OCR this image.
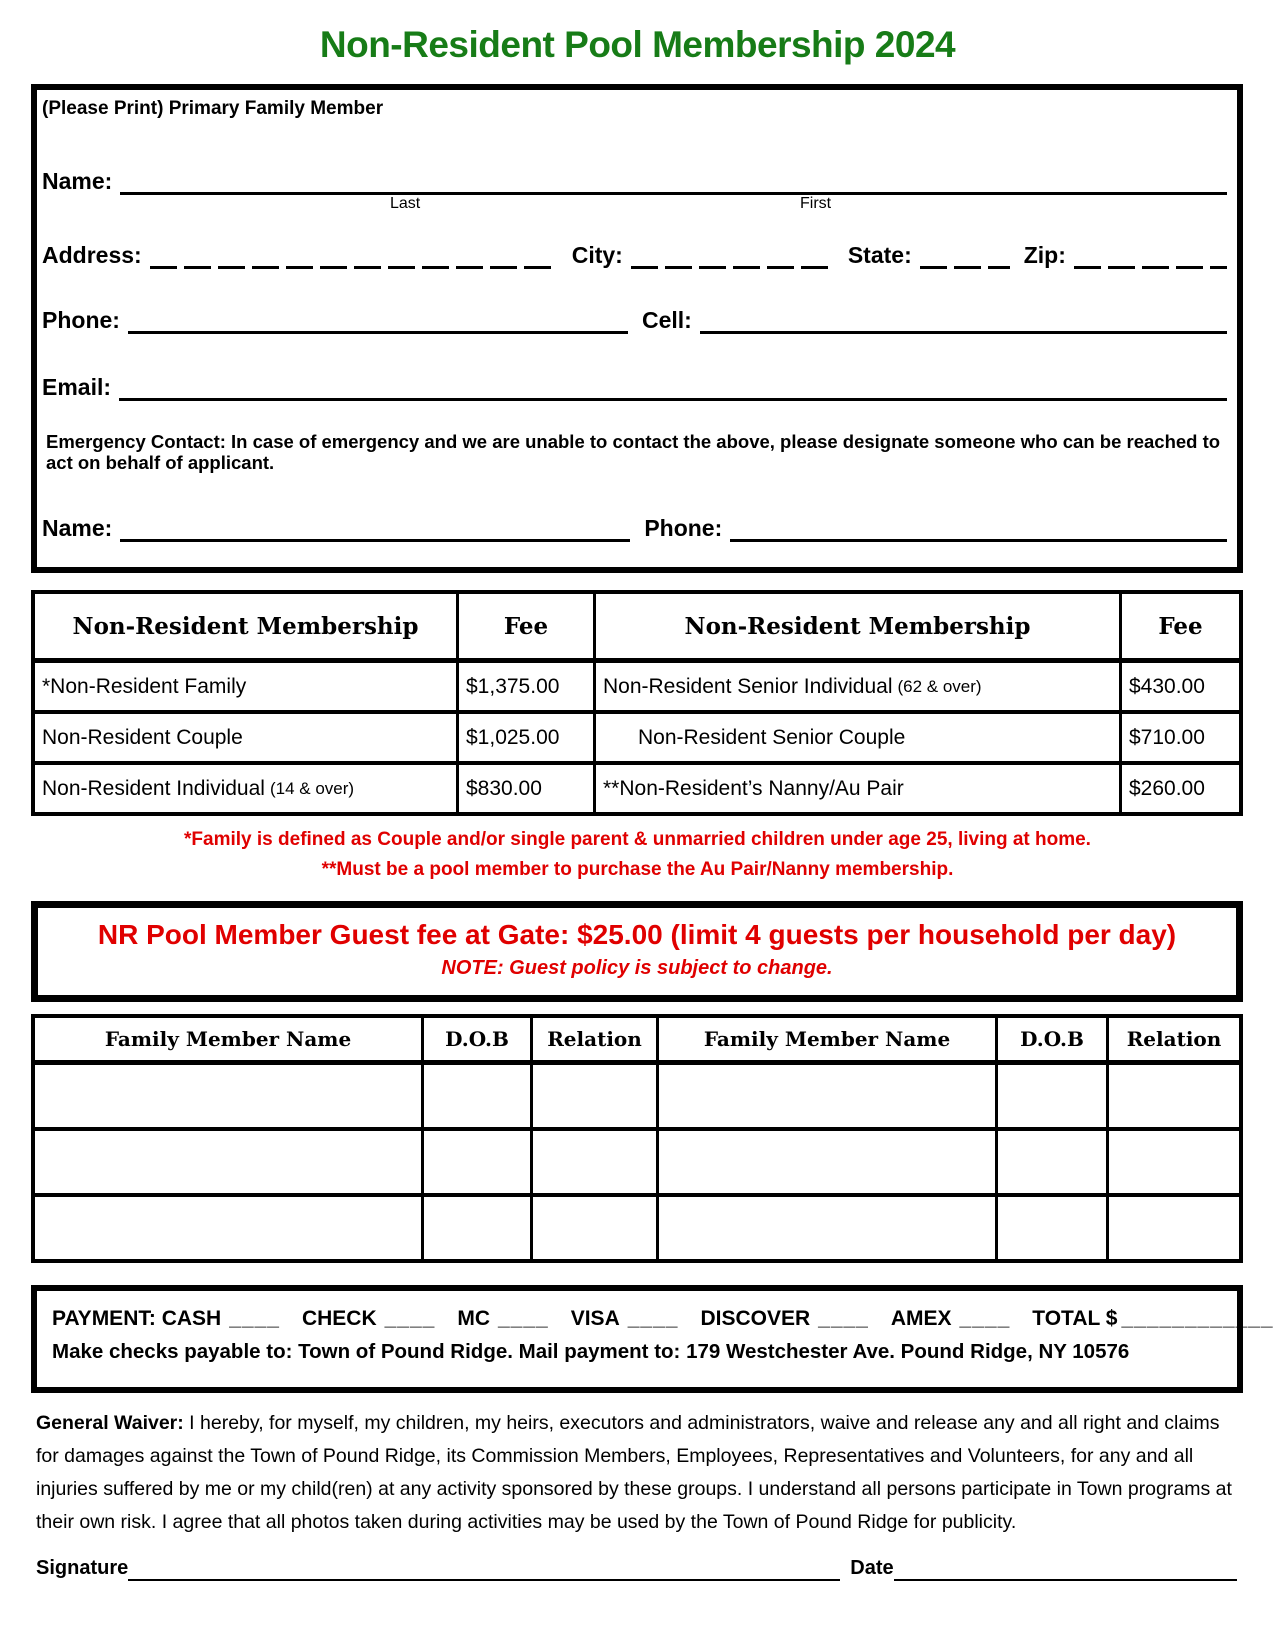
Non-Resident Pool Membership 2024
(Please Print) Primary Family Member
Name:
Last	First
Address:	City:	State:	Zip:
Phone:	Cell:
Email:
Emergency Contact: In case of emergency and we are unable to contact the above, please designate someone who can be reached to act on behalf of applicant.
Name:	Phone:
Non-Resident Membership	Fee	Non-Resident Membership	Fee
*Non-Resident Family	$1,375.00 Non-Resident Senior Individual (62 & over)	$430.00
Non-Resident Couple	$1,025.00	Non-Resident Senior Couple	$710.00
Non-Resident Individual (14 & over)	$830.00	**Non-Resident’s Nanny/Au Pair	$260.00
*Family is defined as Couple and/or single parent & unmarried children under age 25, living at home.
**Must be a pool member to purchase the Au Pair/Nanny membership.
NR Pool Member Guest fee at Gate: $25.00 (limit 4 guests per household per day)
NOTE: Guest policy is subject to change.
Family Member Name	D.O.B	Relation	Family Member Name	D.O.B	Relation
PAYMENT:
CASH ____ CHECK ____ MC ____ VISA ____ DISCOVER ____ AMEX ____ TOTAL $ ____________
Make checks payable to: Town of Pound Ridge. Mail payment to: 179 Westchester Ave. Pound Ridge, NY 10576
General Waiver: I hereby, for myself, my children, my heirs, executors and administrators, waive and release any and all right and claims for damages against the Town of Pound Ridge, its Commission Members, Employees, Representatives and Volunteers, for any and all injuries suffered by me or my child(ren) at any activity sponsored by these groups. I understand all persons participate in Town programs at their own risk. I agree that all photos taken during activities may be used by the Town of Pound Ridge for publicity.
Signature	Date
